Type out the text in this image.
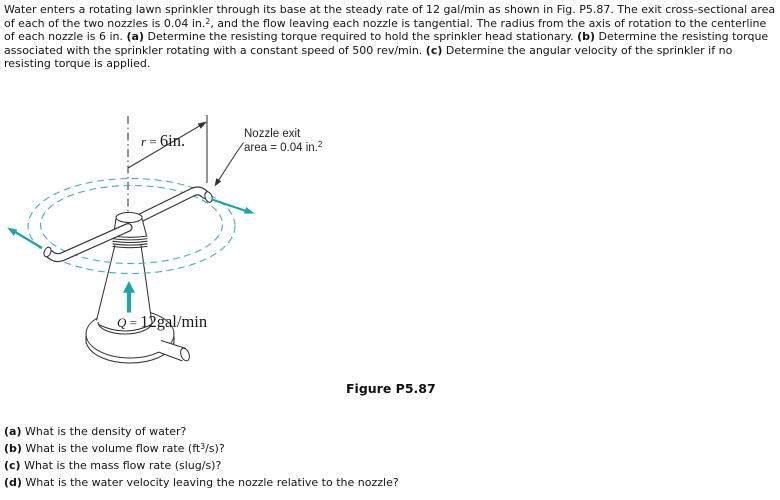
Water enters a rotating lawn sprinkler through its base at the steady rate of 12 gal/min as shown in Fig. P5.87. The exit cross-sectional area of each of the two nozzles is 0.04 in.$^2$, and the flow leaving each nozzle is tangential. The radius from the axis of rotation to the centerline of each nozzle is 6 in. (a) Determine the resisting torque required to hold the sprinkler head stationary. (b) Determine the resisting torque associated with the sprinkler rotating with a constant speed of 500 rev/min. (c) Determine the angular velocity of the sprinkler if no resisting torque is applied.
r = 6in.	Nozzle exit
area = 0.04 in.$^2$
Q = 12gal/min
Figure P5.87
(a) What is the density of water?
(b) What is the volume flow rate $(ft^3/s)$?
(c) What is the mass flow rate (slug/s)?
(d) What is the water velocity leaving the nozzle relative to the nozzle?
